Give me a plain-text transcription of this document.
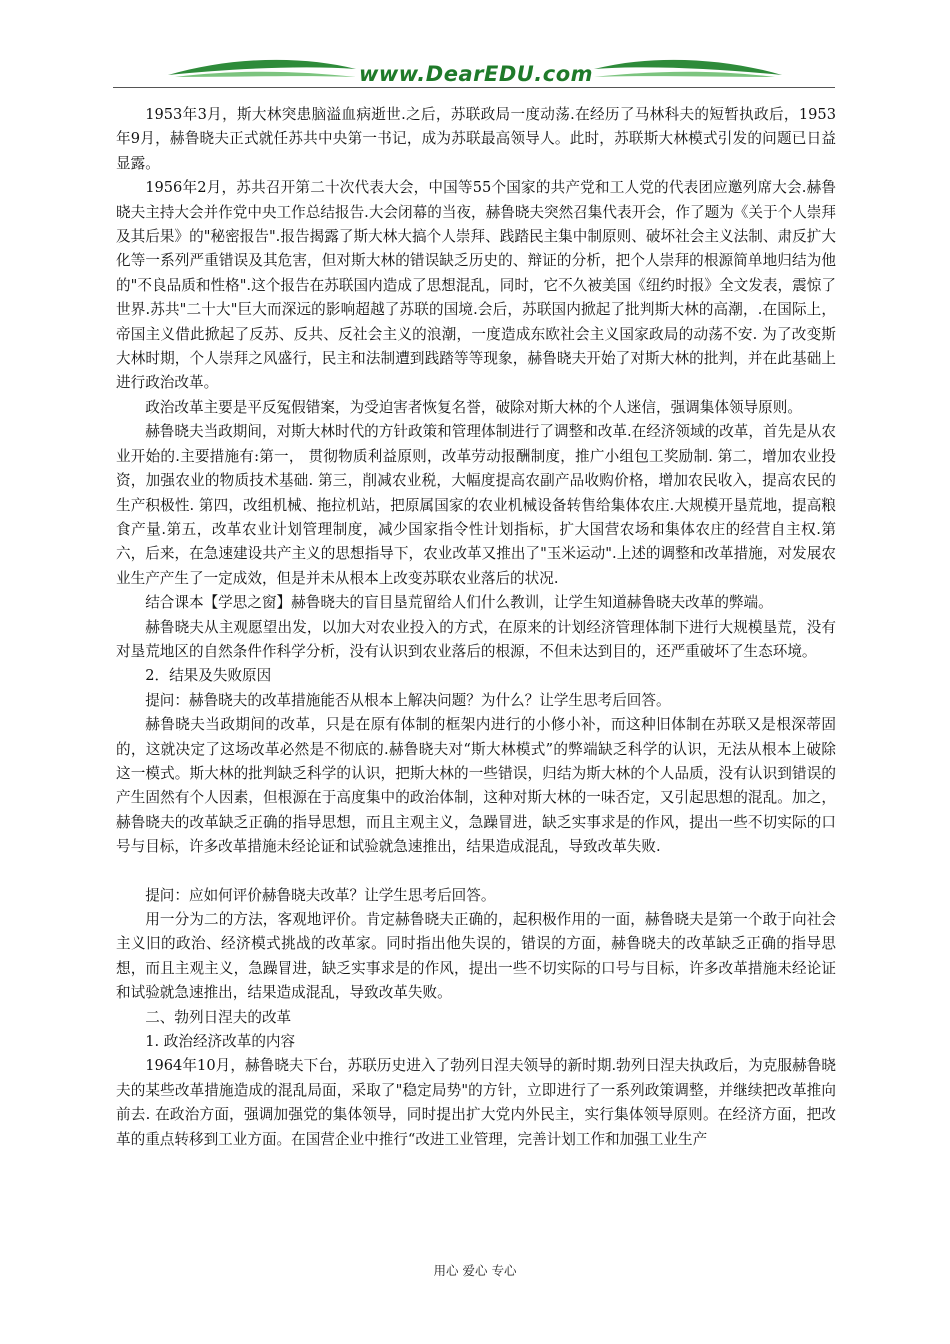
www.DearEDU.com

1953年3月，斯大林突患脑溢血病逝世.之后，苏联政局一度动荡.在经历了马林科夫的短暂执政后，1953年9月，赫鲁晓夫正式就任苏共中央第一书记，成为苏联最高领导人。此时，苏联斯大林模式引发的问题已日益显露。

1956年2月，苏共召开第二十次代表大会，中国等55个国家的共产党和工人党的代表团应邀列席大会.赫鲁晓夫主持大会并作党中央工作总结报告.大会闭幕的当夜，赫鲁晓夫突然召集代表开会，作了题为《关于个人崇拜及其后果》的"秘密报告".报告揭露了斯大林大搞个人崇拜、践踏民主集中制原则、破坏社会主义法制、肃反扩大化等一系列严重错误及其危害，但对斯大林的错误缺乏历史的、辩证的分析，把个人崇拜的根源简单地归结为他的"不良品质和性格".这个报告在苏联国内造成了思想混乱，同时，它不久被美国《纽约时报》全文发表，震惊了世界.苏共"二十大"巨大而深远的影响超越了苏联的国境.会后，苏联国内掀起了批判斯大林的高潮，.在国际上，帝国主义借此掀起了反苏、反共、反社会主义的浪潮，一度造成东欧社会主义国家政局的动荡不安. 为了改变斯大林时期，个人崇拜之风盛行，民主和法制遭到践踏等等现象，赫鲁晓夫开始了对斯大林的批判，并在此基础上进行政治改革。

政治改革主要是平反冤假错案，为受迫害者恢复名誉，破除对斯大林的个人迷信，强调集体领导原则。

赫鲁晓夫当政期间，对斯大林时代的方针政策和管理体制进行了调整和改革.在经济领域的改革，首先是从农业开始的.主要措施有:第一， 贯彻物质利益原则，改革劳动报酬制度，推广小组包工奖励制. 第二，增加农业投资，加强农业的物质技术基础. 第三，削减农业税，大幅度提高农副产品收购价格，增加农民收入，提高农民的生产积极性. 第四，改组机械、拖拉机站，把原属国家的农业机械设备转售给集体农庄.大规模开垦荒地，提高粮食产量.第五，改革农业计划管理制度，减少国家指令性计划指标，扩大国营农场和集体农庄的经营自主权.第六，后来，在急速建设共产主义的思想指导下，农业改革又推出了"玉米运动".上述的调整和改革措施，对发展农业生产产生了一定成效，但是并未从根本上改变苏联农业落后的状况.

结合课本【学思之窗】赫鲁晓夫的盲目垦荒留给人们什么教训，让学生知道赫鲁晓夫改革的弊端。

赫鲁晓夫从主观愿望出发，以加大对农业投入的方式，在原来的计划经济管理体制下进行大规模垦荒，没有对垦荒地区的自然条件作科学分析，没有认识到农业落后的根源，不但未达到目的，还严重破坏了生态环境。

2．结果及失败原因

提问：赫鲁晓夫的改革措施能否从根本上解决问题？为什么？让学生思考后回答。

赫鲁晓夫当政期间的改革，只是在原有体制的框架内进行的小修小补，而这种旧体制在苏联又是根深蒂固的，这就决定了这场改革必然是不彻底的.赫鲁晓夫对“斯大林模式”的弊端缺乏科学的认识，无法从根本上破除这一模式。斯大林的批判缺乏科学的认识，把斯大林的一些错误，归结为斯大林的个人品质，没有认识到错误的产生固然有个人因素，但根源在于高度集中的政治体制，这种对斯大林的一味否定，又引起思想的混乱。加之，赫鲁晓夫的改革缺乏正确的指导思想，而且主观主义，急躁冒进，缺乏实事求是的作风，提出一些不切实际的口号与目标，许多改革措施未经论证和试验就急速推出，结果造成混乱，导致改革失败.

提问：应如何评价赫鲁晓夫改革？让学生思考后回答。

用一分为二的方法，客观地评价。肯定赫鲁晓夫正确的，起积极作用的一面，赫鲁晓夫是第一个敢于向社会主义旧的政治、经济模式挑战的改革家。同时指出他失误的，错误的方面，赫鲁晓夫的改革缺乏正确的指导思想，而且主观主义，急躁冒进，缺乏实事求是的作风，提出一些不切实际的口号与目标，许多改革措施未经论证和试验就急速推出，结果造成混乱，导致改革失败。

二、勃列日涅夫的改革

1. 政治经济改革的内容

1964年10月，赫鲁晓夫下台，苏联历史进入了勃列日涅夫领导的新时期.勃列日涅夫执政后，为克服赫鲁晓夫的某些改革措施造成的混乱局面，采取了"稳定局势"的方针，立即进行了一系列政策调整，并继续把改革推向前去. 在政治方面，强调加强党的集体领导，同时提出扩大党内外民主，实行集体领导原则。在经济方面，把改革的重点转移到工业方面。在国营企业中推行“改进工业管理，完善计划工作和加强工业生产

用心 爱心 专心
